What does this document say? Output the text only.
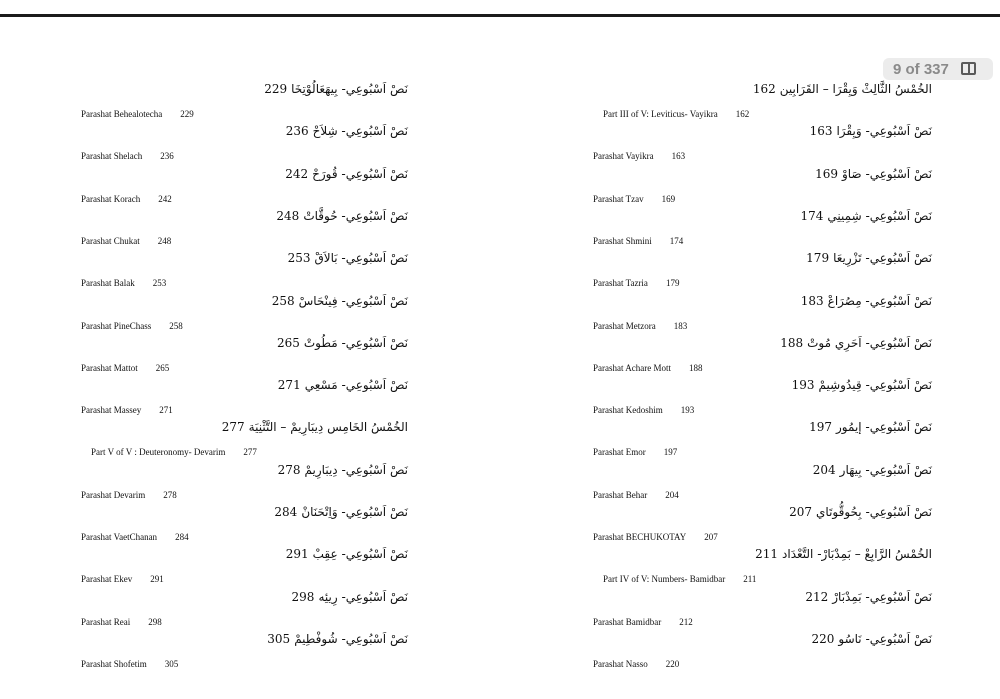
9 of 337
نَصْ اَسْبُوعِي- بِيهَعَالُوْتِخَا229
نَصْ اَسْبُوعِي- شِلاَحْ236
نَصْ اَسْبُوعِي- قُورَحْ242
نَصْ اَسْبُوعِي- حُوقَّاتْ248
نَصْ اَسْبُوعِي- بَالاَقْ253
نَصْ اَسْبُوعِي- فِينْحَاسْ258
نَصْ اَسْبُوعِي- مَطُوتْ265
نَصْ اَسْبُوعِي- مَسْعِي271
الخُمْسُ الخَامِس دِيبَارِيمْ – التَّثْنِيَة277
نَصْ اَسْبُوعِي- دِيبَارِيمْ278
نَصْ اَسْبُوعِي- وَاِتْحَنَانْ284
نَصْ اَسْبُوعِي- عِقِبْ291
نَصْ اَسْبُوعِي- رِيئِه298
نَصْ اَسْبُوعِي- شُوفْطِيمْ305
Parashat Behealotecha 229
Parashat Shelach 236
Parashat Korach 242
Parashat Chukat 248
Parashat Balak 253
Parashat PineChass 258
Parashat Mattot 265
Parashat Massey 271
Part V of V : Deuteronomy- Devarim 277
Parashat Devarim 278
Parashat VaetChanan 284
Parashat Ekev 291
Parashat Reai 298
Parashat Shofetim 305
الخُمْسُ الثَّالِثْ وَيِقْرَا – القَرَابِين162
نَصْ اَسْبُوعِي- وَيِقْرَا163
نَصْ اَسْبُوعِي- صَاوْ169
نَصْ اَسْبُوعِي- شِمِينِي174
نَصْ اَسْبُوعِي- تَزْرِيعَا179
نَصْ اَسْبُوعِي- مِصُرَاعْ183
نَصْ اَسْبُوعِي- اَحَرِي مُوتْ188
نَصْ اَسْبُوعِي- قِيدُوشِيمْ193
نَصْ اَسْبُوعِي- إيمُور197
نَصْ اَسْبُوعِي- بِيهَار204
نَصْ اَسْبُوعِي- بِحُوقُّوتَاي207
الخُمْسُ الرَّابِعْ – بَمِدْبَارْ- التَّعْدَاد211
نَصْ اَسْبُوعِي- بَمِدْبَارْ212
نَصْ اَسْبُوعِي- نَاسُو220
Part III of V: Leviticus- Vayikra 162
Parashat Vayikra 163
Parashat Tzav 169
Parashat Shmini 174
Parashat Tazria 179
Parashat Metzora 183
Parashat Achare Mott 188
Parashat Kedoshim 193
Parashat Emor 197
Parashat Behar 204
Parashat BECHUKOTAY 207
Part IV of V: Numbers- Bamidbar 211
Parashat Bamidbar 212
Parashat Nasso 220
